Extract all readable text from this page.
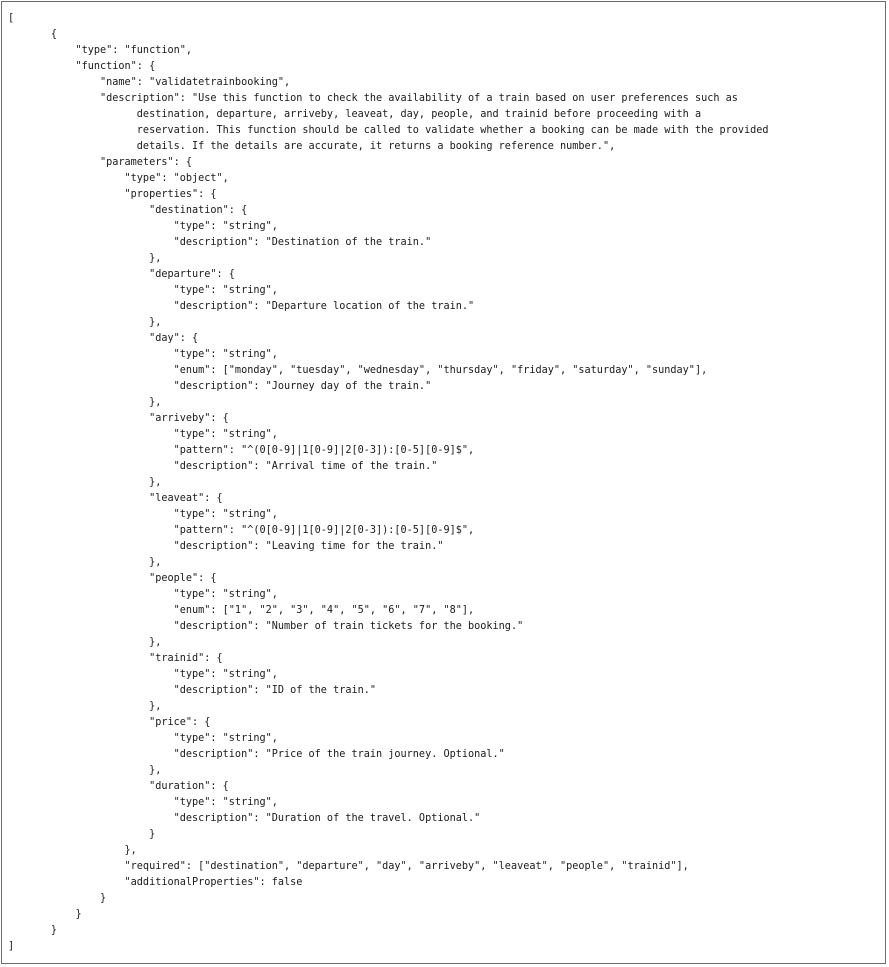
[
{
"type": "function",
"function": {
"name": "validatetrainbooking",
"description": "Use this function to check the availability of a train based on user preferences such as
destination, departure, arriveby, leaveat, day, people, and trainid before proceeding with a
reservation. This function should be called to validate whether a booking can be made with the provided
details. If the details are accurate, it returns a booking reference number.",
"parameters": {
"type": "object",
"properties": {
"destination": {
"type": "string",
"description": "Destination of the train."
},
"departure": {
"type": "string",
"description": "Departure location of the train."
},
"day": {
"type": "string",
"enum": ["monday", "tuesday", "wednesday", "thursday", "friday", "saturday", "sunday"],
"description": "Journey day of the train."
},
"arriveby": {
"type": "string",
"pattern": "^(0[0-9]|1[0-9]|2[0-3]):[0-5][0-9]$",
"description": "Arrival time of the train."
},
"leaveat": {
"type": "string",
"pattern": "^(0[0-9]|1[0-9]|2[0-3]):[0-5][0-9]$",
"description": "Leaving time for the train."
},
"people": {
"type": "string",
"enum": ["1", "2", "3", "4", "5", "6", "7", "8"],
"description": "Number of train tickets for the booking."
},
"trainid": {
"type": "string",
"description": "ID of the train."
},
"price": {
"type": "string",
"description": "Price of the train journey. Optional."
},
"duration": {
"type": "string",
"description": "Duration of the travel. Optional."
}
},
"required": ["destination", "departure", "day", "arriveby", "leaveat", "people", "trainid"],
"additionalProperties": false
}
}
}
]
